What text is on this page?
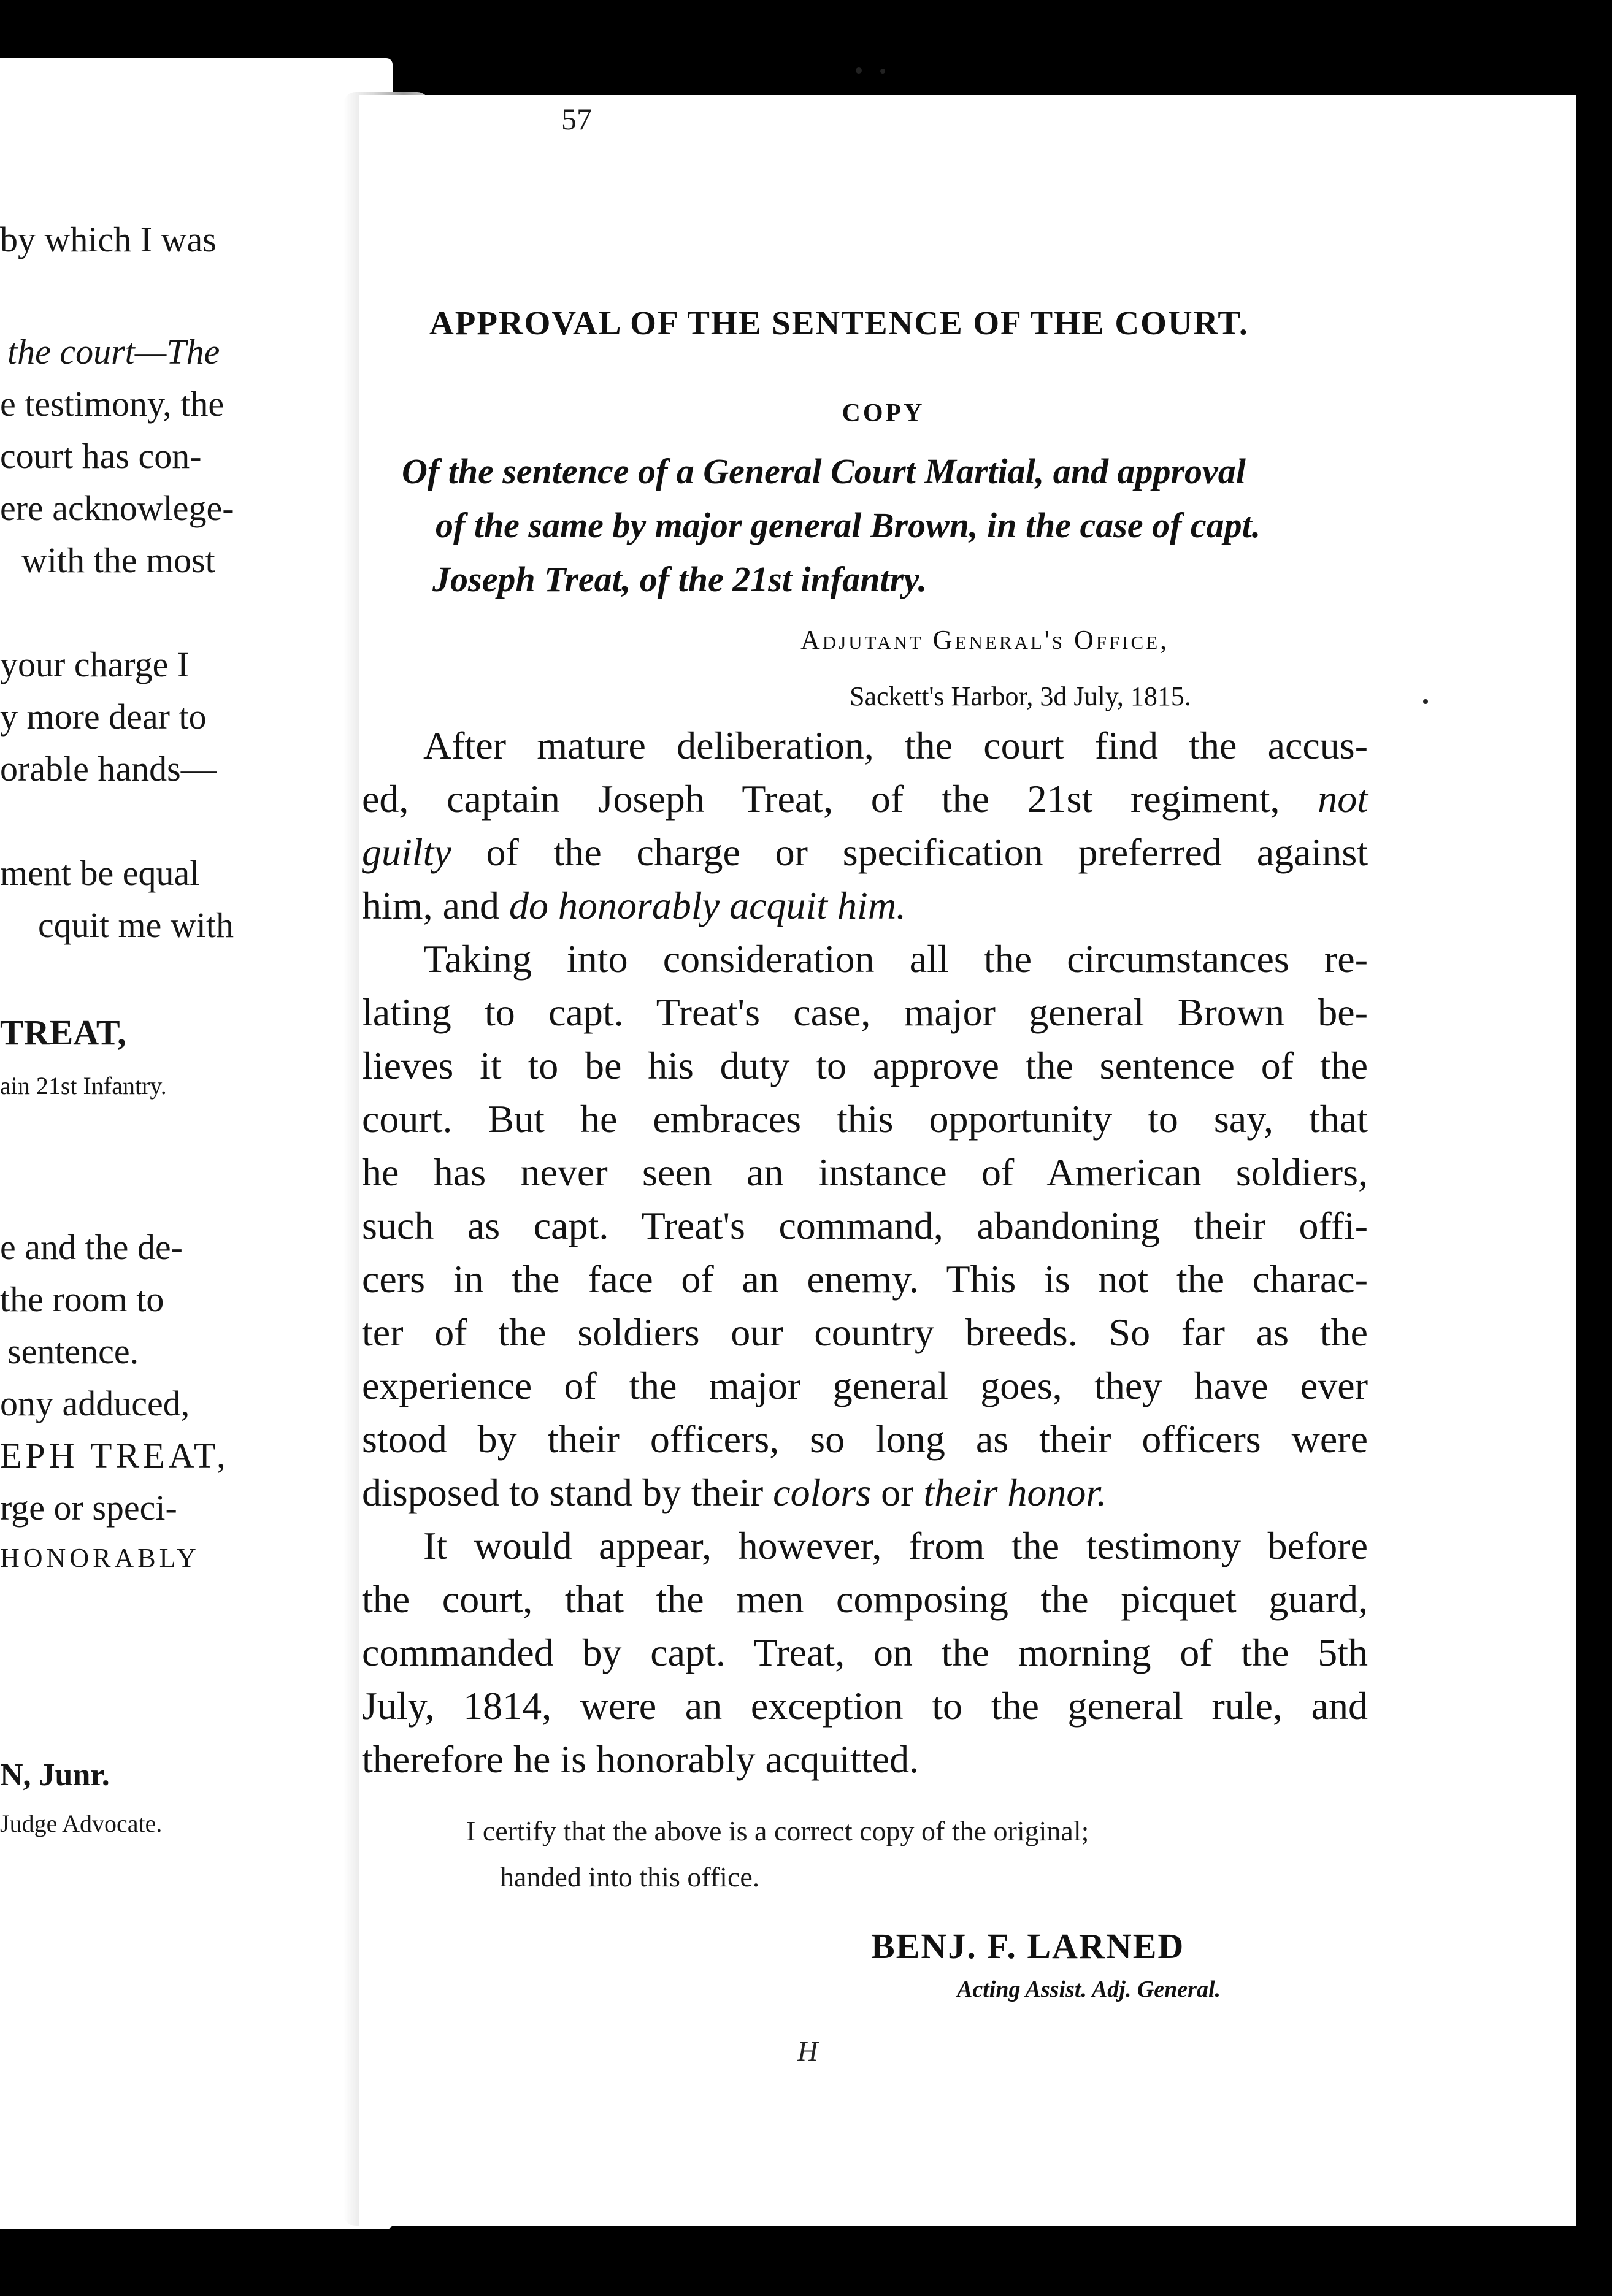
by which I was
the court—The
e testimony, the
court has con-
ere acknowlege-
with the most
your charge I
y more dear to
orable hands—
ment be equal
cquit me with
TREAT,
ain 21st Infantry.
e and the de-
the room to
sentence.
ony adduced,
EPH TREAT,
rge or speci-
HONORABLY
N, Junr.
Judge Advocate.
57
APPROVAL OF THE SENTENCE OF THE COURT.
COPY
Of the sentence of a General Court Martial, and approval
of the same by major general Brown, in the case of capt.
Joseph Treat, of the 21st infantry.
Adjutant General's Office,
Sackett's Harbor, 3d July, 1815.
After mature deliberation, the court find the accus-
ed, captain Joseph Treat, of the 21st regiment, not
guilty of the charge or specification preferred against
him, and do honorably acquit him.
Taking into consideration all the circumstances re-
lating to capt. Treat's case, major general Brown be-
lieves it to be his duty to approve the sentence of the
court. But he embraces this opportunity to say, that
he has never seen an instance of American soldiers,
such as capt. Treat's command, abandoning their offi-
cers in the face of an enemy. This is not the charac-
ter of the soldiers our country breeds. So far as the
experience of the major general goes, they have ever
stood by their officers, so long as their officers were
disposed to stand by their colors or their honor.
It would appear, however, from the testimony before
the court, that the men composing the picquet guard,
commanded by capt. Treat, on the morning of the 5th
July, 1814, were an exception to the general rule, and
therefore he is honorably acquitted.
I certify that the above is a correct copy of the original;
handed into this office.
BENJ. F. LARNED
Acting Assist. Adj. General.
H
